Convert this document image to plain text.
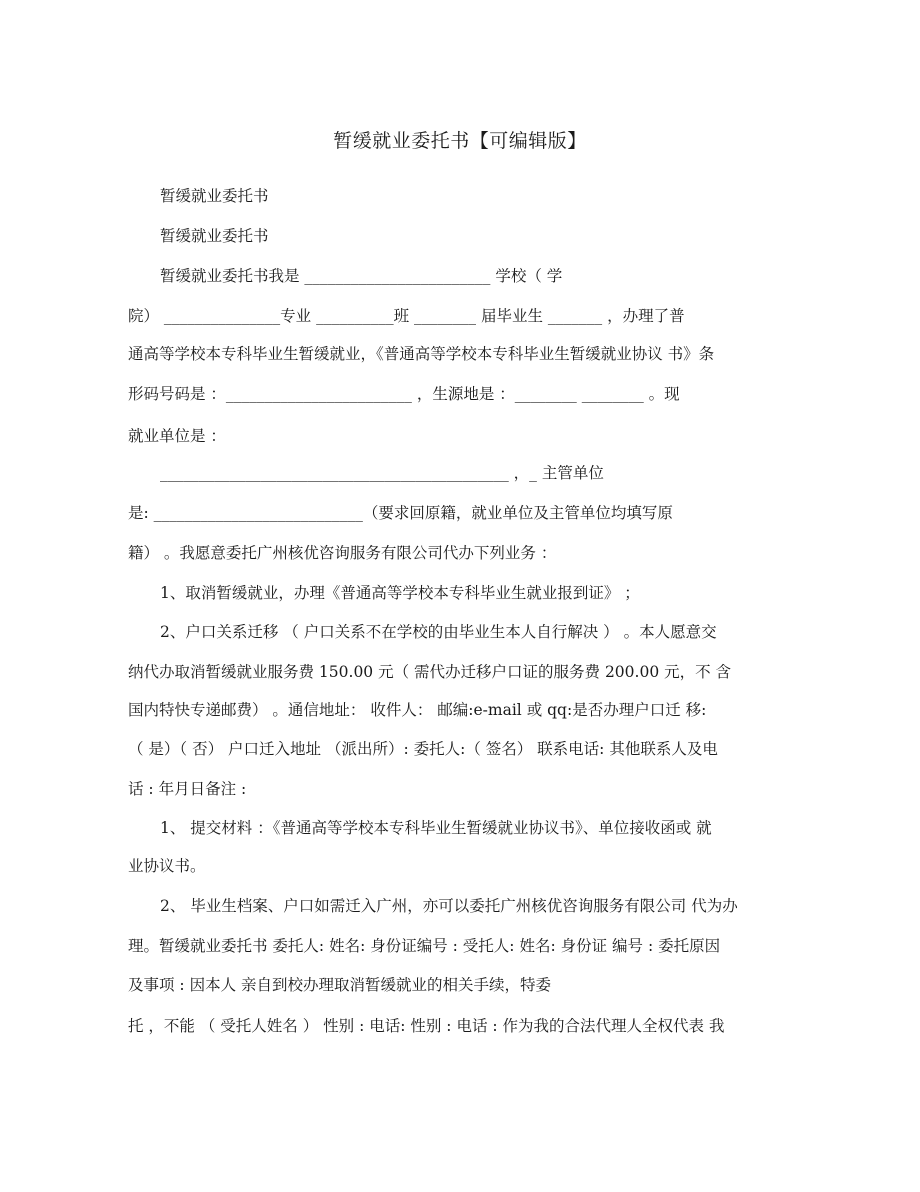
暂缓就业委托书【可编辑版】
暂缓就业委托书
暂缓就业委托书
暂缓就业委托书我是 ________________________ 学校（ 学
院） _______________专业 __________班 ________ 届毕业生 _______ ，办理了普
通高等学校本专科毕业生暂缓就业，《普通高等学校本专科毕业生暂缓就业协议 书》条
形码号码是 ：________________________ ，生源地是 ：________ ________ 。现
就业单位是 ：
_____________________________________________ ，_ 主管单位
是: ___________________________（要求回原籍，就业单位及主管单位均填写原
籍） 。我愿意委托广州核优咨询服务有限公司代办下列业务 ：
1、取消暂缓就业，办理《普通高等学校本专科毕业生就业报到证》 ；
2、户口关系迁移 （ 户口关系不在学校的由毕业生本人自行解决 ） 。本人愿意交
纳代办取消暂缓就业服务费 150.00 元（ 需代办迁移户口证的服务费 200.00 元，不 含
国内特快专递邮费） 。通信地址： 收件人： 邮编:e-mail 或 qq:是否办理户口迁 移:
（ 是）（ 否） 户口迁入地址 （派出所）: 委托人:（ 签名） 联系电话: 其他联系人及电
话 : 年月日备注 :
1、 提交材料 ：《普通高等学校本专科毕业生暂缓就业协议书》、单位接收函或 就
业协议书。
2、 毕业生档案、户口如需迁入广州，亦可以委托广州核优咨询服务有限公司 代为办
理。暂缓就业委托书 委托人: 姓名: 身份证编号 : 受托人: 姓名: 身份证 编号 : 委托原因
及事项 : 因本人 亲自到校办理取消暂缓就业的相关手续，特委
托 ，不能 （ 受托人姓名 ） 性别 : 电话: 性别 : 电话 : 作为我的合法代理人全权代表 我
